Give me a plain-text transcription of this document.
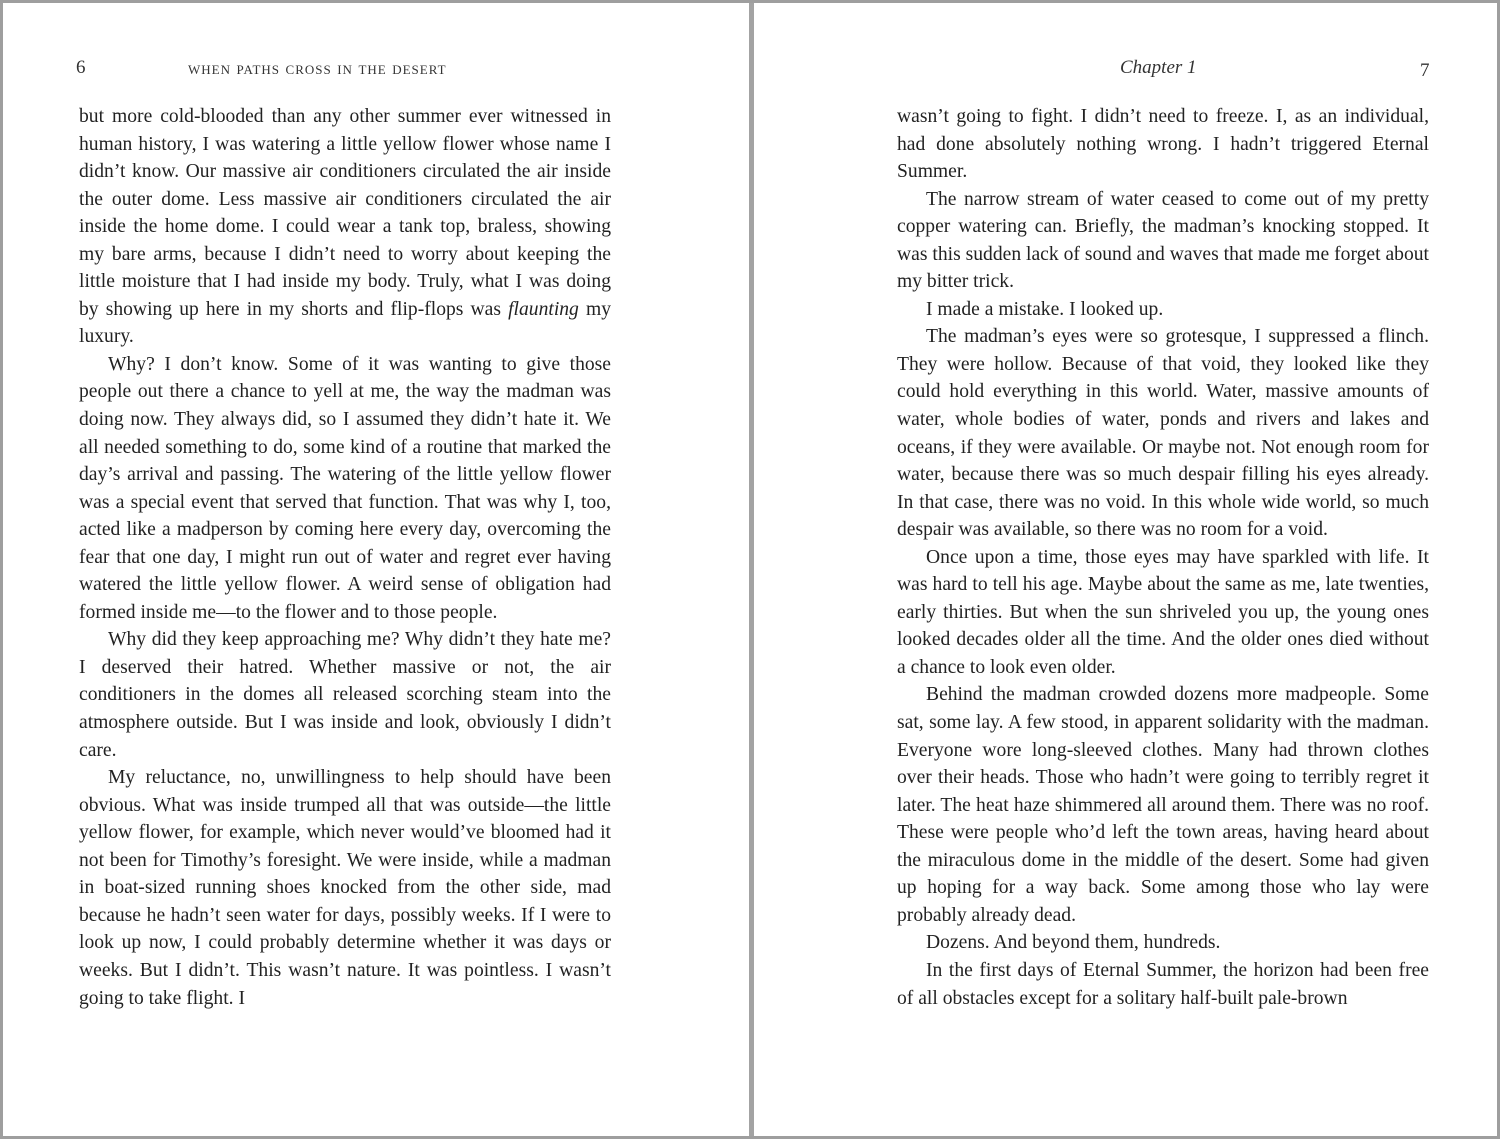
6	when paths cross in the desert

but more cold-blooded than any other summer ever witnessed in human history, I was watering a little yellow flower whose name I didn’t know. Our massive air conditioners circulated the air inside the outer dome. Less massive air conditioners circulated the air inside the home dome. I could wear a tank top, braless, showing my bare arms, because I didn’t need to worry about keeping the little moisture that I had inside my body. Truly, what I was doing by showing up here in my shorts and flip-flops was flaunting my luxury.

Why? I don’t know. Some of it was wanting to give those people out there a chance to yell at me, the way the madman was doing now. They always did, so I assumed they didn’t hate it. We all needed something to do, some kind of a routine that marked the day’s arrival and passing. The watering of the little yellow flower was a special event that served that function. That was why I, too, acted like a madperson by coming here every day, overcoming the fear that one day, I might run out of water and regret ever having watered the little yellow flower. A weird sense of obligation had formed inside me—to the flower and to those people.

Why did they keep approaching me? Why didn’t they hate me? I deserved their hatred. Whether massive or not, the air conditioners in the domes all released scorching steam into the atmosphere outside. But I was inside and look, obviously I didn’t care.

My reluctance, no, unwillingness to help should have been obvious. What was inside trumped all that was outside—the little yellow flower, for example, which never would’ve bloomed had it not been for Timothy’s foresight. We were inside, while a madman in boat-sized running shoes knocked from the other side, mad because he hadn’t seen water for days, possibly weeks. If I were to look up now, I could probably determine whether it was days or weeks. But I didn’t. This wasn’t nature. It was pointless. I wasn’t going to take flight. I

Chapter 1	7

wasn’t going to fight. I didn’t need to freeze. I, as an individual, had done absolutely nothing wrong. I hadn’t triggered Eternal Summer.

The narrow stream of water ceased to come out of my pretty copper watering can. Briefly, the madman’s knocking stopped. It was this sudden lack of sound and waves that made me forget about my bitter trick.

I made a mistake. I looked up.

The madman’s eyes were so grotesque, I suppressed a flinch. They were hollow. Because of that void, they looked like they could hold everything in this world. Water, massive amounts of water, whole bodies of water, ponds and rivers and lakes and oceans, if they were available. Or maybe not. Not enough room for water, because there was so much despair filling his eyes already. In that case, there was no void. In this whole wide world, so much despair was available, so there was no room for a void.

Once upon a time, those eyes may have sparkled with life. It was hard to tell his age. Maybe about the same as me, late twenties, early thirties. But when the sun shriveled you up, the young ones looked decades older all the time. And the older ones died without a chance to look even older.

Behind the madman crowded dozens more madpeople. Some sat, some lay. A few stood, in apparent solidarity with the madman. Everyone wore long-sleeved clothes. Many had thrown clothes over their heads. Those who hadn’t were going to terribly regret it later. The heat haze shimmered all around them. There was no roof. These were people who’d left the town areas, having heard about the miraculous dome in the middle of the desert. Some had given up hoping for a way back. Some among those who lay were probably already dead.

Dozens. And beyond them, hundreds.

In the first days of Eternal Summer, the horizon had been free of all obstacles except for a solitary half-built pale-brown
